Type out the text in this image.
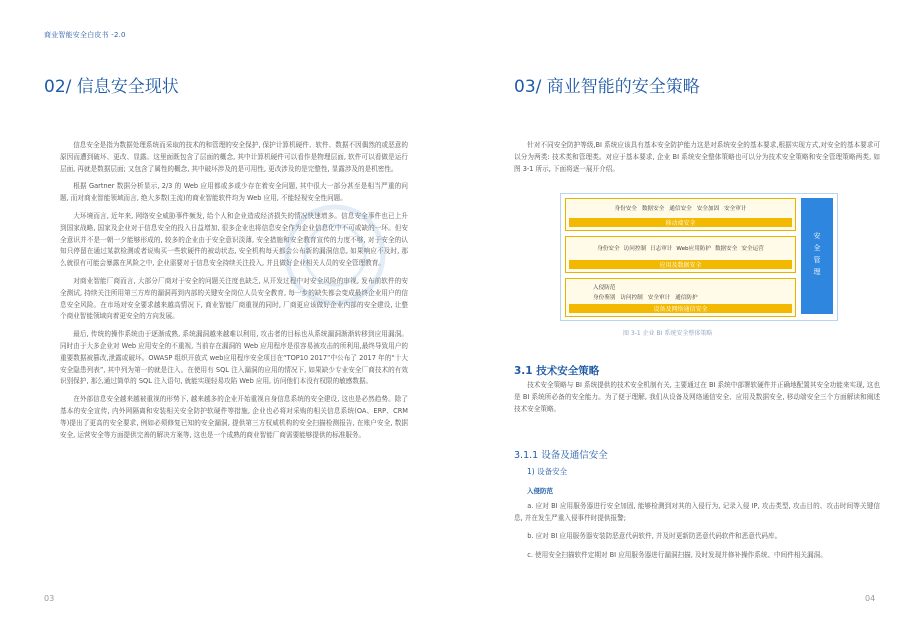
商业智能安全白皮书 -2.0
02/ 信息安全现状

信息安全是指为数据处理系统而采取的技术的和管理的安全保护, 保护计算机硬件、软件、数据不因偶然的或恶意的原因而遭到破坏、更改、显露。这里面既包含了层面的概念, 其中计算机硬件可以看作是物理层面, 软件可以看做是运行层面, 再就是数据层面; 又包含了属性的概念, 其中破坏涉及的是可用性, 更改涉及的是完整性, 显露涉及的是机密性。

根据 Gartner 数据分析显示, 2/3 的 Web 应用都或多或少存在着安全问题, 其中很大一部分甚至是相当严重的问题, 而对商业智能领域而言, 绝大多数(主流)的商业智能软件均为 Web 应用, 不能轻视安全性问题。

大环境而言, 近年来, 网络安全威胁事件频发, 给个人和企业造成经济损失的情况快速增多。信息安全事件也已上升到国家战略, 国家及企业对于信息安全的投入日益增加, 很多企业也将信息安全作为企业信息化中不可或缺的一环。但安全意识并不是一朝一夕能够形成的, 较多的企业由于安全意识淡薄, 安全措施和安全教育宣传的力度不够, 对于安全的认知只停留在通过某款检测或者说购买一些软硬件的被动状态, 安全机构每天都会公布新的漏洞信息, 如果响应不及时, 那么就很有可能会暴露在风险之中, 企业需要对于信息安全持续关注投入, 并且做好企业相关人员的安全管理教育。

对商业智能厂商而言, 大部分厂商对于安全的问题关注度也缺乏, 从开发过程中对安全风险的审视, 发布前软件的安全测试, 持续关注所用第三方库的漏洞再到内部的关键安全岗位人员安全教育, 每一步的缺失都会变成最终企业用户的信息安全风险。在市场对安全要求越来越高情况下, 商业智能厂商重视的同时, 厂商更应该做好企业内部的安全建设, 让整个商业智能领域向着更安全的方向发展。

最后, 传统的操作系统由于逐渐成熟, 系统漏洞越来越难以利用, 攻击者的目标也从系统漏洞渐渐转移到应用漏洞。同时由于大多企业对 Web 应用安全的不重视, 当前存在漏洞的 Web 应用程序是很容易被攻击的所利用,最终导致用户的重要数据被篡改,泄露或破坏。OWASP 组织开放式 web应用程序安全项目在“TOP10 2017”中公布了 2017 年的“十大安全隐患列表”, 其中列为第一的就是注入。在使用有 SQL 注入漏洞的应用的情况下, 如果缺少专业安全厂商技术的有效识别保护, 那么通过简单的 SQL 注入语句, 就能实现轻易攻陷 Web 应用, 访问他们本没有权限的敏感数据。

在外部信息安全越来越被重视的形势下, 越来越多的企业开始重视自身信息系统的安全建设, 这也是必然趋势。除了基本的安全宣传, 内外网隔离和安装相关安全防护软硬件等措施, 企业也必将对采购的相关信息系统(OA、ERP、CRM 等)提出了更高的安全要求, 例如必须修复已知的安全漏洞, 提供第三方权威机构的安全扫描检测报告, 在账户安全, 数据安全, 运营安全等方面提供完善的解决方案等, 这也是一个成熟的商业智能厂商需要能够提供的标准服务。

03
03/ 商业智能的安全策略

针对不同安全防护等级,BI 系统应该具有基本安全防护能力这是对系统安全的基本要求,根据实现方式,对安全的基本要求可以分为两类: 技术类和管理类。对应于基本要求, 企业 BI 系统安全整体策略也可以分为技术安全策略和安全管理策略两类, 如图 3-1 所示, 下面将逐一展开介绍。

身份安全 数据安全 通信安全 安全加固 安全审计
移动端安全
身份安全 访问控制 日志审计 Web应用防护 数据安全 安全运营
应用及数据安全
入侵防范
身份鉴别 访问控制 安全审计 通信防护
设备及网络通信安全
安全管理
图 3-1 企业 BI 系统安全整体策略
3.1 技术安全策略

技术安全策略与 BI 系统提供的技术安全机制有关, 主要通过在 BI 系统中部署软硬件并正确地配置其安全功能来实现, 这也是 BI 系统所必备的安全能力。为了便于理解, 我们从设备及网络通信安全、应用及数据安全, 移动端安全三个方面解读和阐述技术安全策略。

3.1.1 设备及通信安全
1) 设备安全
入侵防范

a. 应对 BI 应用服务器进行安全加固, 能够检测到对其的入侵行为, 记录入侵 IP, 攻击类型, 攻击目的、攻击时间等关键信息, 并在发生严重入侵事件时提供报警;

b. 应对 BI 应用服务器安装防恶意代码软件, 并及时更新防恶意代码软件和恶意代码库。

c. 使用安全扫描软件定期对 BI 应用服务器进行漏洞扫描, 及时发现并修补操作系统、中间件相关漏洞。

04
